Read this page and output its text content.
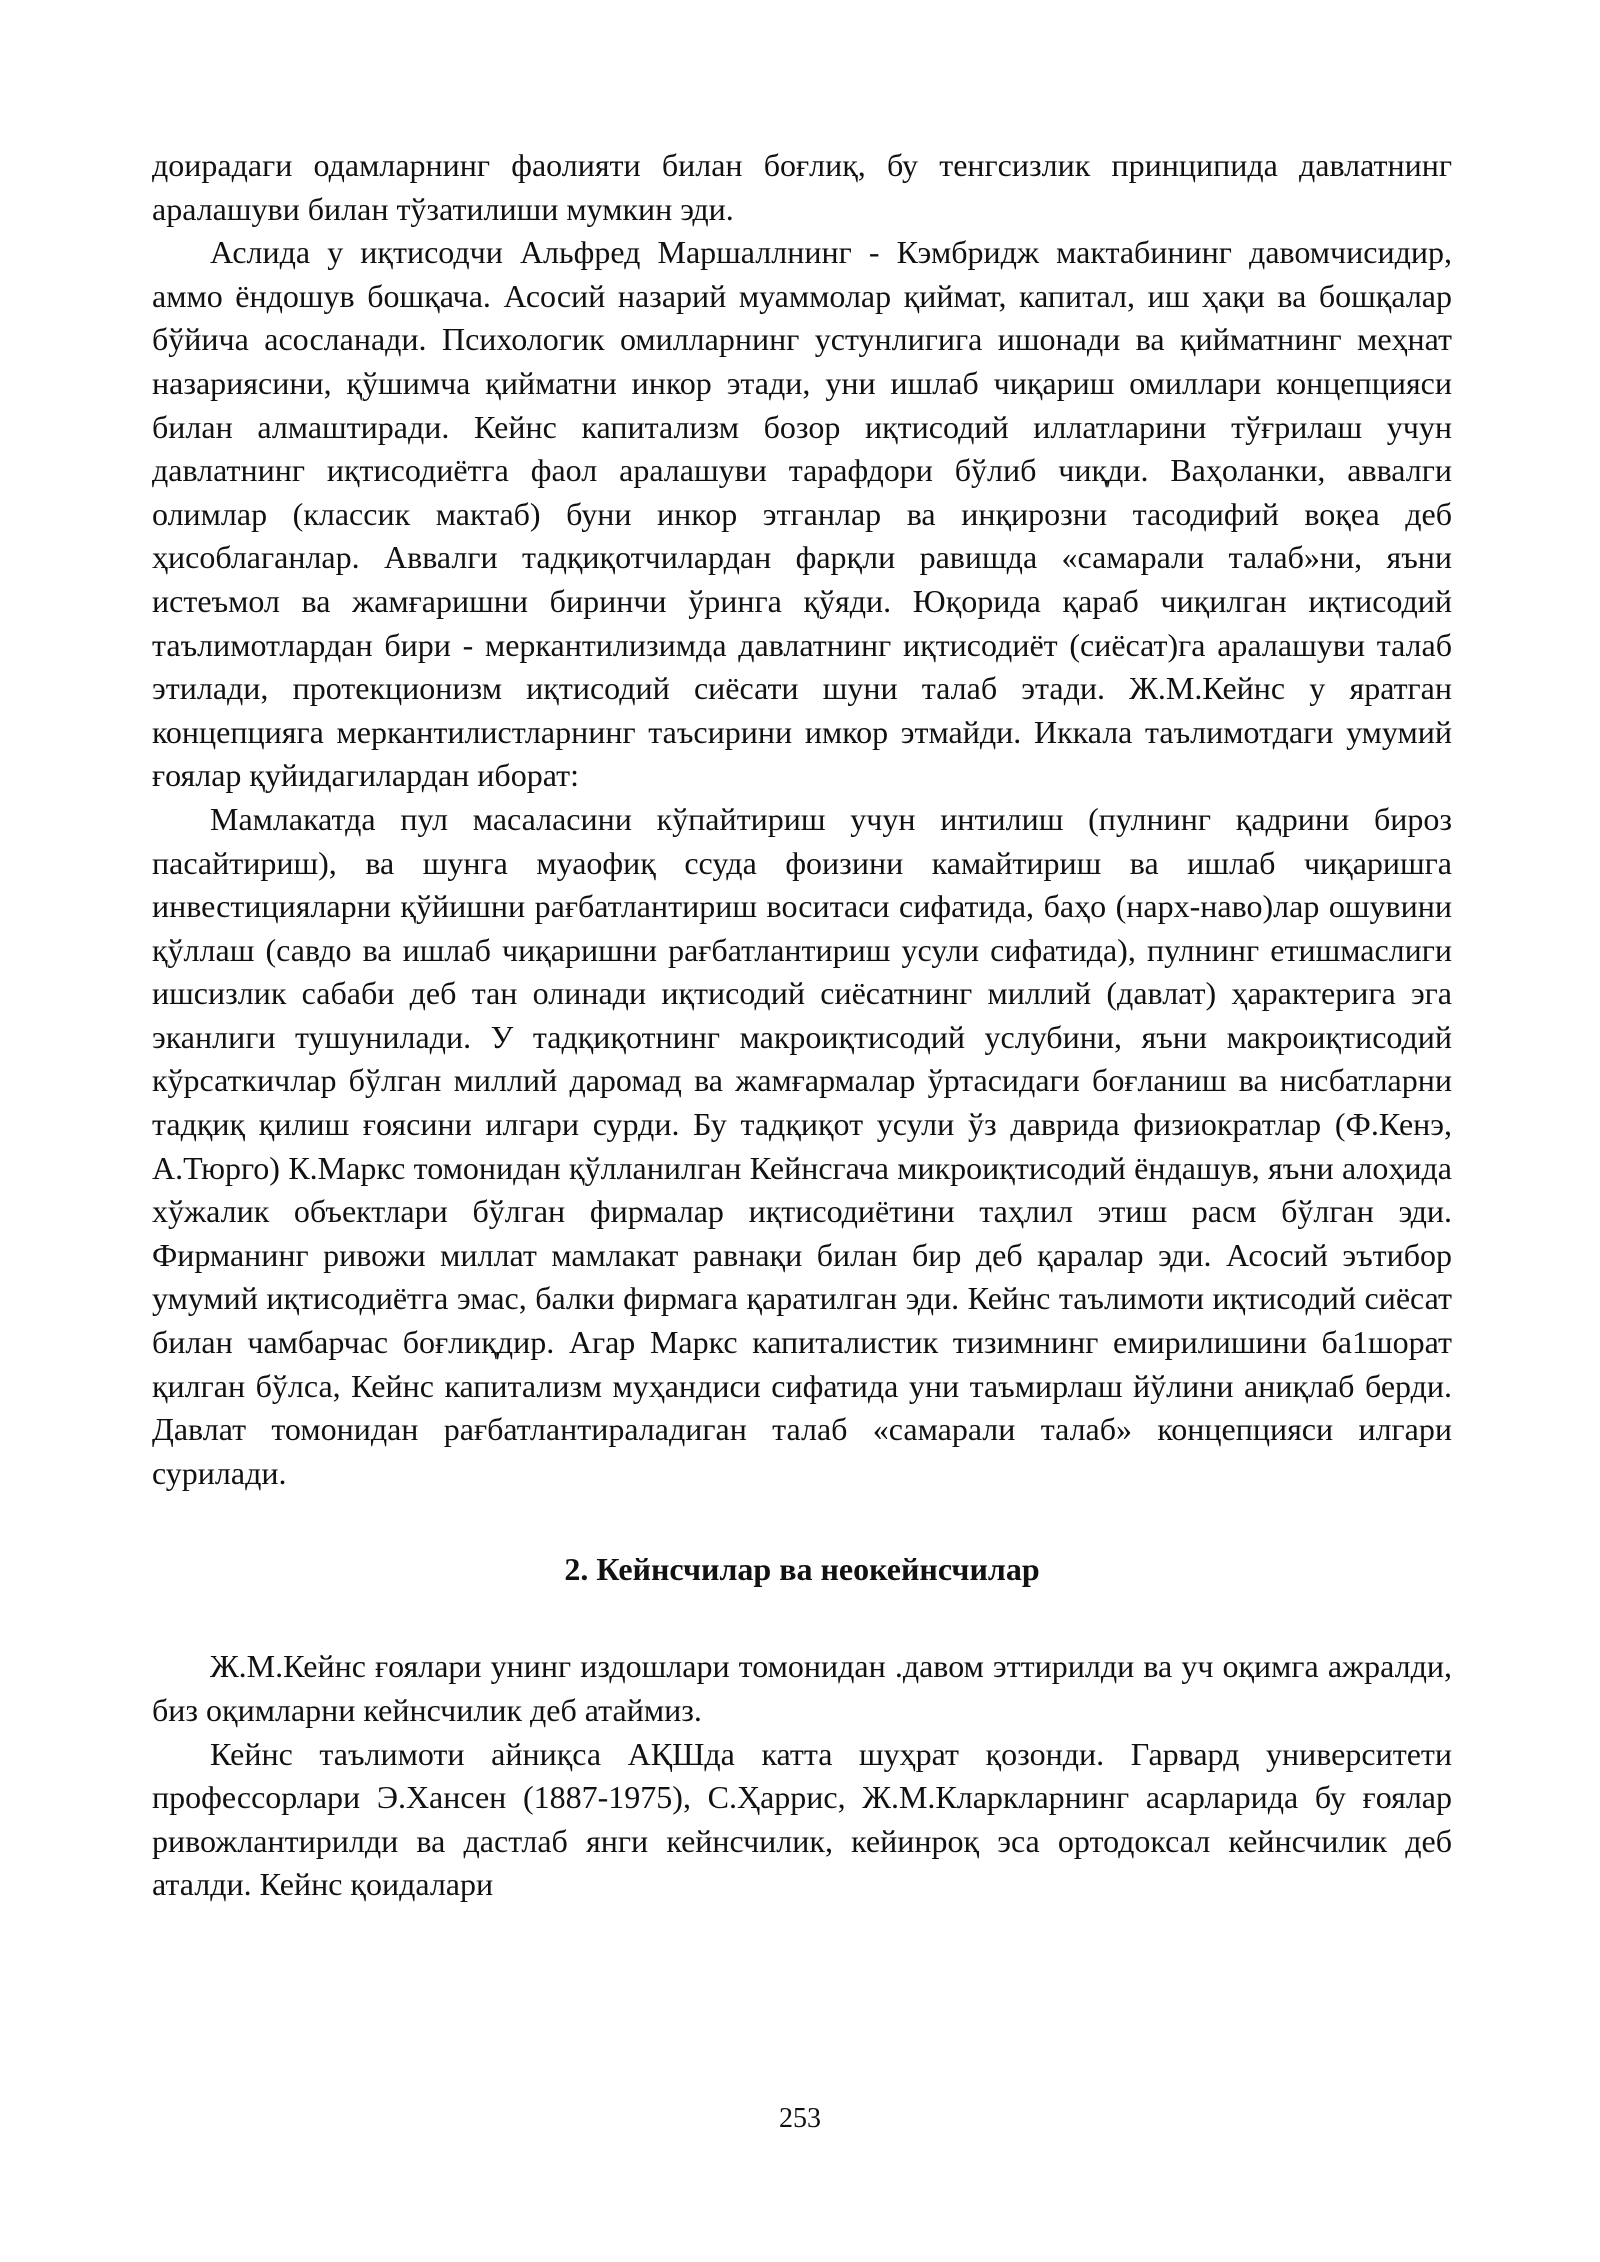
доирадаги одамларнинг фаолияти билан боғлиқ, бу тенгсизлик принципида давлатнинг аралашуви билан тўзатилиши мумкин эди.

Аслида у иқтисодчи Альфред Маршаллнинг - Кэмбридж мактабининг давомчисидир, аммо ёндошув бошқача. Асосий назарий муаммолар қиймат, капитал, иш ҳақи ва бошқалар бўйича асосланади. Психологик омилларнинг устунлигига ишонади ва қийматнинг меҳнат назариясини, қўшимча қийматни инкор этади, уни ишлаб чиқариш омиллари концепцияси билан алмаштиради. Кейнс капитализм бозор иқтисодий иллатларини тўғрилаш учун давлатнинг иқтисодиётга фаол аралашуви тарафдори бўлиб чиқди. Ваҳоланки, аввалги олимлар (классик мактаб) буни инкор этганлар ва инқирозни тасодифий воқеа деб ҳисоблаганлар. Аввалги тадқиқотчилардан фарқли равишда «самарали талаб»ни, яъни истеъмол ва жамғаришни биринчи ўринга қўяди. Юқорида қараб чиқилган иқтисодий таълимотлардан бири - меркантилизимда давлатнинг иқтисодиёт (сиёсат)га аралашуви талаб этилади, протекционизм иқтисодий сиёсати шуни талаб этади. Ж.М.Кейнс у яратган концепцияга меркантилистларнинг таъсирини имкор этмайди. Иккала таълимотдаги умумий ғоялар қуйидагилардан иборат:

Мамлакатда пул масаласини кўпайтириш учун интилиш (пулнинг қадрини бироз пасайтириш), ва шунга муаофиқ ссуда фоизини камайтириш ва ишлаб чиқаришга инвестицияларни қўйишни рағбатлантириш воситаси сифатида, баҳо (нарх-наво)лар ошувини қўллаш (савдо ва ишлаб чиқаришни рағбатлантириш усули сифатида), пулнинг етишмаслиги ишсизлик сабаби деб тан олинади иқтисодий сиёсатнинг миллий (давлат) ҳарактерига эга эканлиги тушунилади. У тадқиқотнинг макроиқтисодий услубини, яъни макроиқтисодий кўрсаткичлар бўлган миллий даромад ва жамғармалар ўртасидаги боғланиш ва нисбатларни тадқиқ қилиш ғоясини илгари сурди. Бу тадқиқот усули ўз даврида физиократлар (Ф.Кенэ, А.Тюрго) К.Маркс томонидан қўлланилган Кейнсгача микроиқтисодий ёндашув, яъни алоҳида хўжалик объектлари бўлган фирмалар иқтисодиётини таҳлил этиш расм бўлган эди. Фирманинг ривожи миллат мамлакат равнақи билан бир деб қаралар эди. Асосий эътибор умумий иқтисодиётга эмас, балки фирмага қаратилган эди. Кейнс таълимоти иқтисодий сиёсат билан чамбарчас боғлиқдир. Агар Маркс капиталистик тизимнинг емирилишини ба1шорат қилган бўлса, Кейнс капитализм муҳандиси сифатида уни таъмирлаш йўлини аниқлаб берди. Давлат томонидан рағбатлантираладиган талаб «самарали талаб» концепцияси илгари сурилади.

2. Кейнсчилар ва неокейнсчилар

Ж.М.Кейнс ғоялари унинг издошлари томонидан .давом эттирилди ва уч оқимга ажралди, биз оқимларни кейнсчилик деб атаймиз.

Кейнс таълимоти айниқса АҚШда катта шуҳрат қозонди. Гарвард университети профессорлари Э.Хансен (1887-1975), С.Ҳаррис, Ж.М.Кларкларнинг асарларида бу ғоялар ривожлантирилди ва дастлаб янги кейнсчилик, кейинроқ эса ортодоксал кейнсчилик деб аталди. Кейнс қоидалари

253
